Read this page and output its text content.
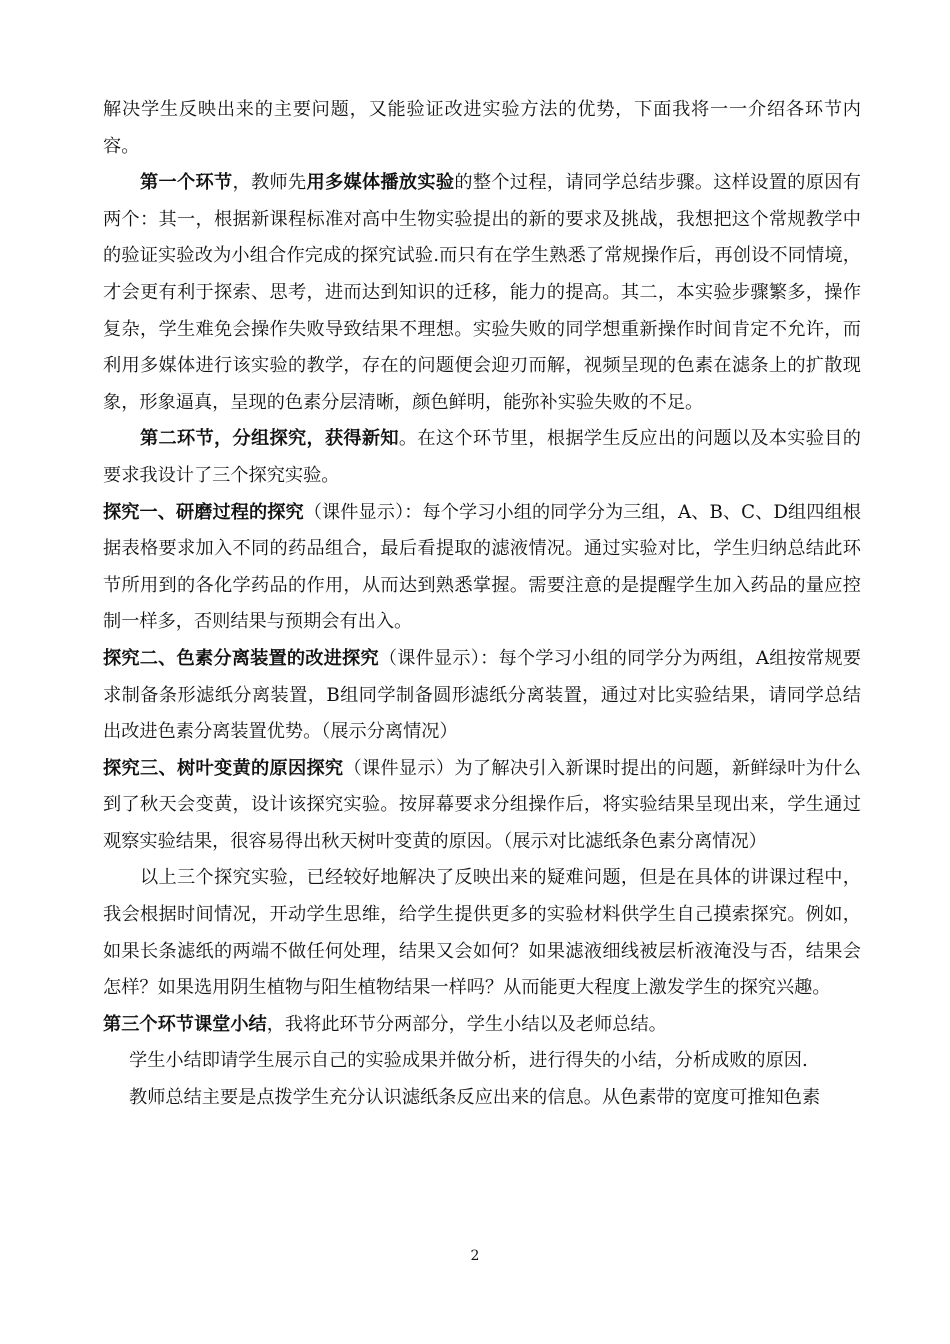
解决学生反映出来的主要问题，又能验证改进实验方法的优势，下面我将一一介绍各环节内容。

第一个环节，教师先用多媒体播放实验的整个过程，请同学总结步骤。这样设置的原因有两个：其一，根据新课程标准对高中生物实验提出的新的要求及挑战，我想把这个常规教学中的验证实验改为小组合作完成的探究试验.而只有在学生熟悉了常规操作后，再创设不同情境，才会更有利于探索、思考，进而达到知识的迁移，能力的提高。其二，本实验步骤繁多，操作复杂，学生难免会操作失败导致结果不理想。实验失败的同学想重新操作时间肯定不允许，而利用多媒体进行该实验的教学，存在的问题便会迎刃而解，视频呈现的色素在滤条上的扩散现象，形象逼真，呈现的色素分层清晰，颜色鲜明，能弥补实验失败的不足。

第二环节，分组探究，获得新知。在这个环节里，根据学生反应出的问题以及本实验目的要求我设计了三个探究实验。

探究一、研磨过程的探究（课件显示）：每个学习小组的同学分为三组，A、B、C、D组四组根据表格要求加入不同的药品组合，最后看提取的滤液情况。通过实验对比，学生归纳总结此环节所用到的各化学药品的作用，从而达到熟悉掌握。需要注意的是提醒学生加入药品的量应控制一样多，否则结果与预期会有出入。

探究二、色素分离装置的改进探究（课件显示）：每个学习小组的同学分为两组，A组按常规要求制备条形滤纸分离装置，B组同学制备圆形滤纸分离装置，通过对比实验结果，请同学总结出改进色素分离装置优势。（展示分离情况）

探究三、树叶变黄的原因探究（课件显示）为了解决引入新课时提出的问题，新鲜绿叶为什么到了秋天会变黄，设计该探究实验。按屏幕要求分组操作后，将实验结果呈现出来，学生通过观察实验结果，很容易得出秋天树叶变黄的原因。（展示对比滤纸条色素分离情况）

以上三个探究实验，已经较好地解决了反映出来的疑难问题，但是在具体的讲课过程中，我会根据时间情况，开动学生思维，给学生提供更多的实验材料供学生自己摸索探究。例如，如果长条滤纸的两端不做任何处理，结果又会如何？如果滤液细线被层析液淹没与否，结果会怎样？如果选用阴生植物与阳生植物结果一样吗？从而能更大程度上激发学生的探究兴趣。

第三个环节课堂小结，我将此环节分两部分，学生小结以及老师总结。

学生小结即请学生展示自己的实验成果并做分析，进行得失的小结，分析成败的原因.

教师总结主要是点拨学生充分认识滤纸条反应出来的信息。从色素带的宽度可推知色素

2
